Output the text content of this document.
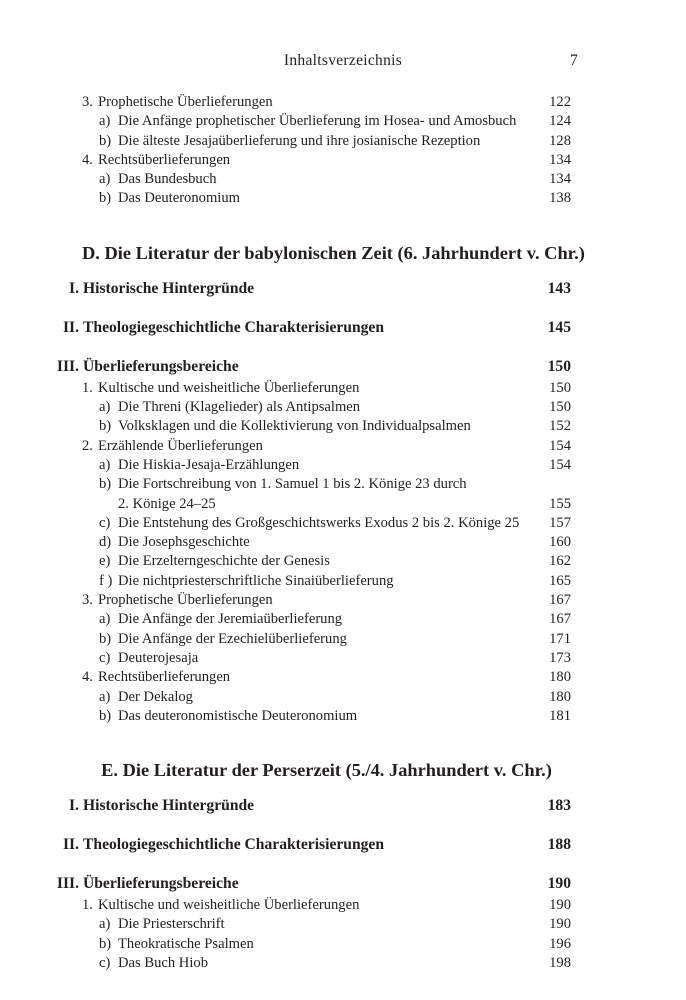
Inhaltsverzeichnis	7
3. Prophetische Überlieferungen	122
a) Die Anfänge prophetischer Überlieferung im Hosea- und Amosbuch	124
b) Die älteste Jesajaüberlieferung und ihre josianische Rezeption	128
4. Rechtsüberlieferungen	134
a) Das Bundesbuch	134
b) Das Deuteronomium	138
D. Die Literatur der babylonischen Zeit (6. Jahrhundert v. Chr.)
I. Historische Hintergründe	143
II. Theologiegeschichtliche Charakterisierungen	145
III. Überlieferungsbereiche	150
1. Kultische und weisheitliche Überlieferungen	150
a) Die Threni (Klagelieder) als Antipsalmen	150
b) Volksklagen und die Kollektivierung von Individualpsalmen	152
2. Erzählende Überlieferungen	154
a) Die Hiskia-Jesaja-Erzählungen	154
b) Die Fortschreibung von 1. Samuel 1 bis 2. Könige 23 durch
2. Könige 24–25	155
c) Die Entstehung des Großgeschichtswerks Exodus 2 bis 2. Könige 25	157
d) Die Josephsgeschichte	160
e) Die Erzelterngeschichte der Genesis	162
f ) Die nichtpriesterschriftliche Sinaiüberlieferung	165
3. Prophetische Überlieferungen	167
a) Die Anfänge der Jeremiaüberlieferung	167
b) Die Anfänge der Ezechielüberlieferung	171
c) Deuterojesaja	173
4. Rechtsüberlieferungen	180
a) Der Dekalog	180
b) Das deuteronomistische Deuteronomium	181
E. Die Literatur der Perserzeit (5./4. Jahrhundert v. Chr.)
I. Historische Hintergründe	183
II. Theologiegeschichtliche Charakterisierungen	188
III. Überlieferungsbereiche	190
1. Kultische und weisheitliche Überlieferungen	190
a) Die Priesterschrift	190
b) Theokratische Psalmen	196
c) Das Buch Hiob	198
